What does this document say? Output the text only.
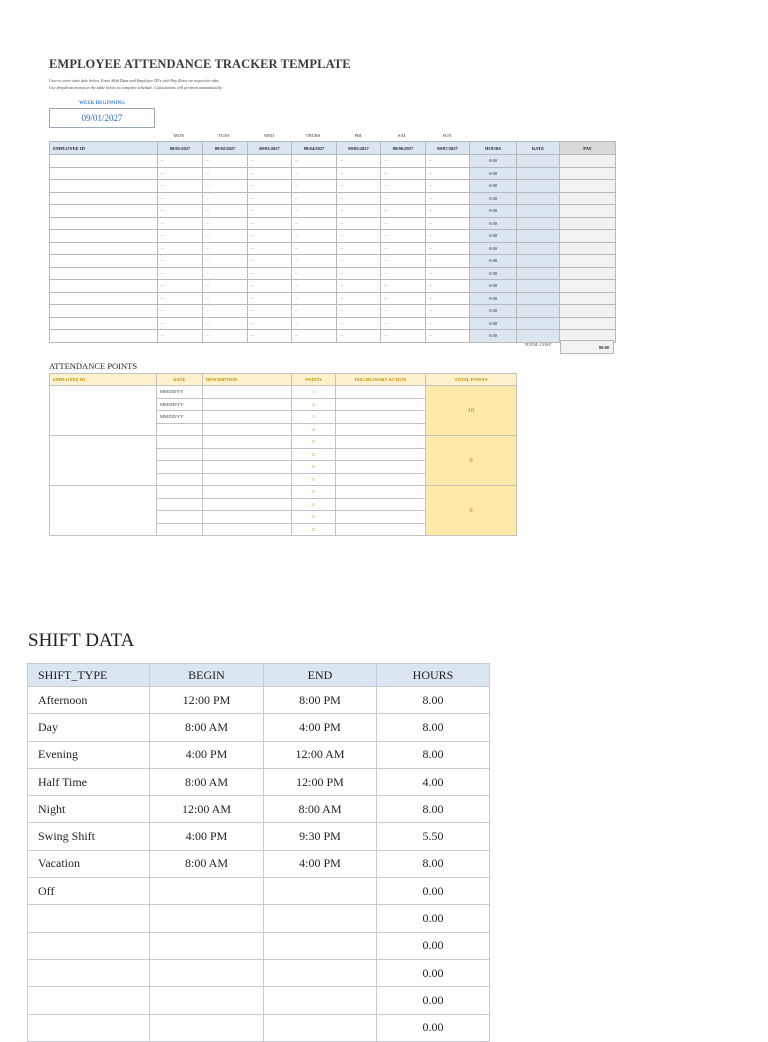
EMPLOYEE ATTENDANCE TRACKER TEMPLATE
User to enter start date below. Enter Shift Data and Employee ID's with Pay Rates on respective tabs.
Use dropdown menus in the table below to complete schedule. Calculations will perform automatically.
WEEK BEGINNING
09/01/2027
MON	TUES	WED	THURS	FRI	SAT	SUN
EMPLOYEE ID	09/01/2027	09/02/2027	09/03/2027	09/04/2027	09/05/2027	09/06/2027	09/07/2027	HOURS	RATE	PAY
	--	--	--	--	--	--	--	0.00		
	--	--	--	--	--	--	--	0.00		
	--	--	--	--	--	--	--	0.00		
	--	--	--	--	--	--	--	0.00		
	--	--	--	--	--	--	--	0.00		
	--	--	--	--	--	--	--	0.00		
	--	--	--	--	--	--	--	0.00		
	--	--	--	--	--	--	--	0.00		
	--	--	--	--	--	--	--	0.00		
	--	--	--	--	--	--	--	0.00		
	--	--	--	--	--	--	--	0.00		
	--	--	--	--	--	--	--	0.00		
	--	--	--	--	--	--	--	0.00		
	--	--	--	--	--	--	--	0.00		
	--	--	--	--	--	--	--	0.00		
TOTAL COST
$0.00
ATTENDANCE POINTS
EMPLOYEE ID	DATE	DESCRIPTION	POINTS	DISCIPLINARY ACTION	TOTAL POINTS
	MM/DD/YY		1		10
	MM/DD/YY		2		
	MM/DD/YY		3		
			4		
			0		0
			0		
			0		
			0		
			0		0
			0		
			0		
			0		
SHIFT DATA
SHIFT_TYPE	BEGIN	END	HOURS
Afternoon	12:00 PM	8:00 PM	8.00
Day	8:00 AM	4:00 PM	8.00
Evening	4:00 PM	12:00 AM	8.00
Half Time	8:00 AM	12:00 PM	4.00
Night	12:00 AM	8:00 AM	8.00
Swing Shift	4:00 PM	9:30 PM	5.50
Vacation	8:00 AM	4:00 PM	8.00
Off			0.00
			0.00
			0.00
			0.00
			0.00
			0.00
